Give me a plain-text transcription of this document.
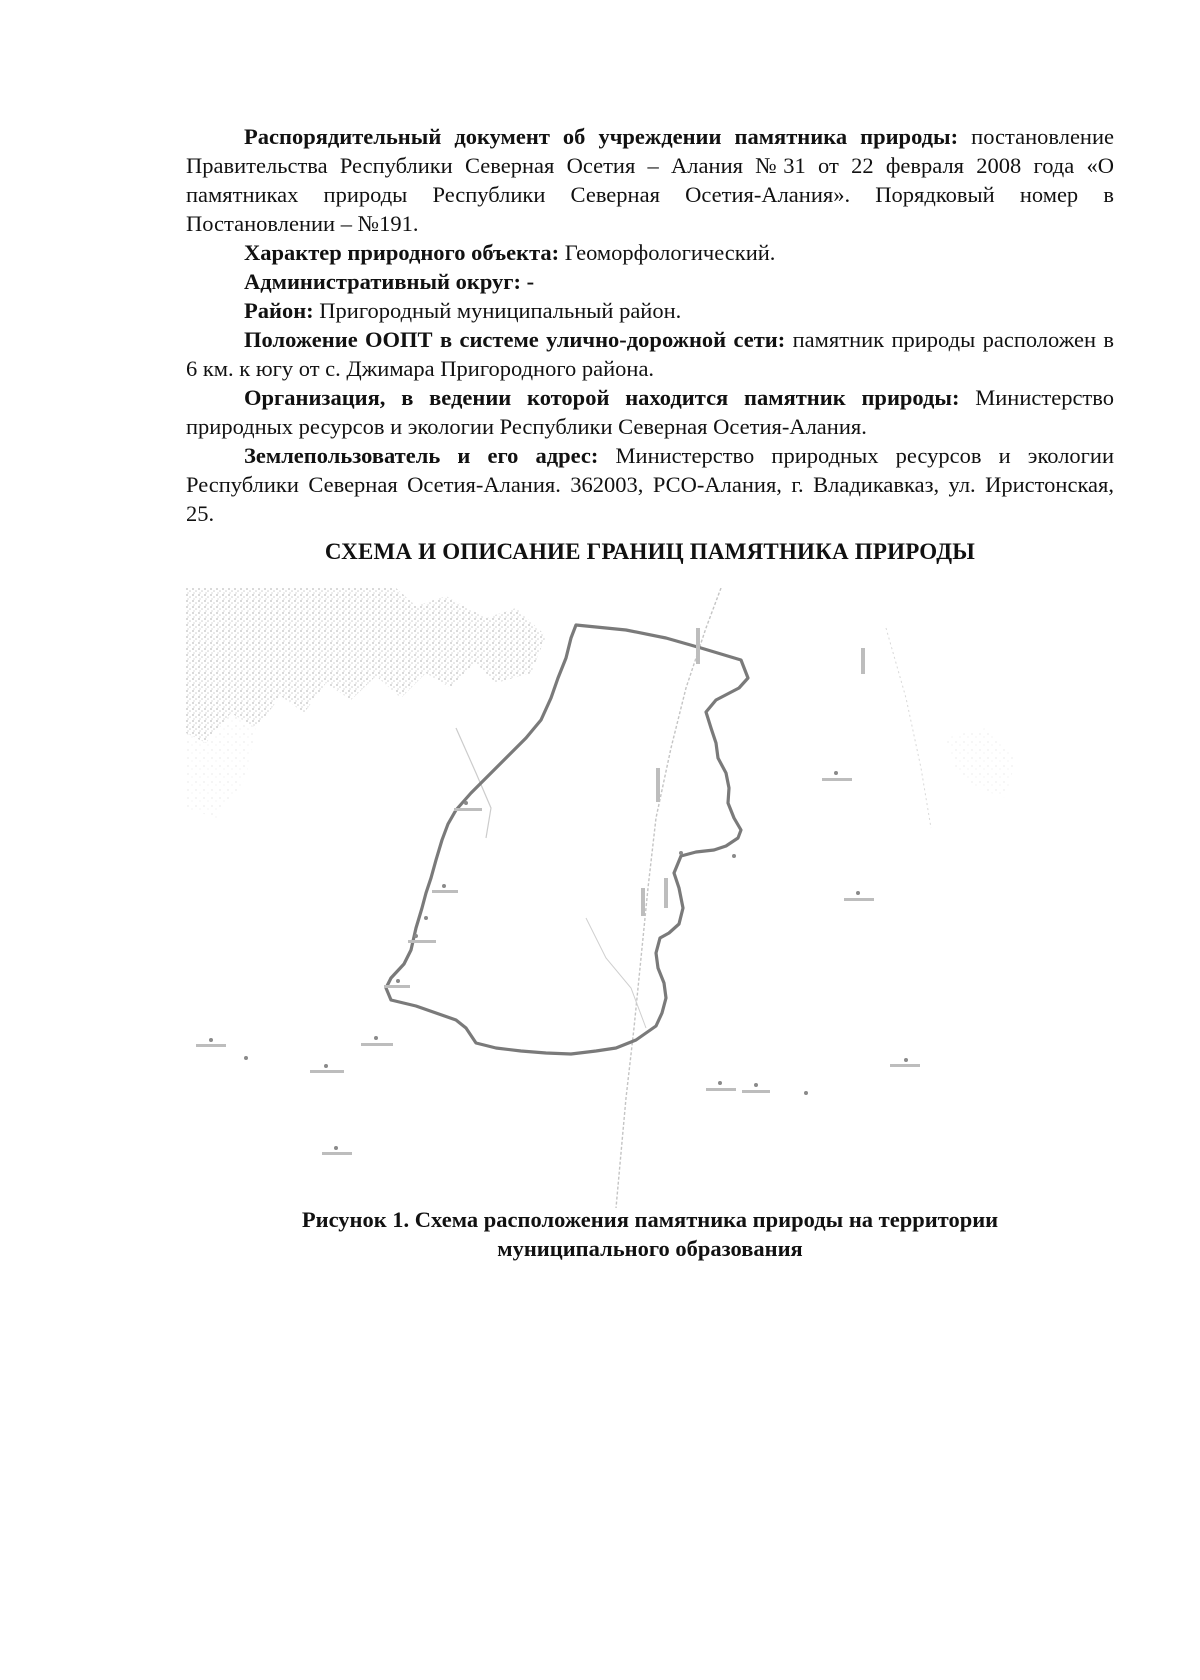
Распорядительный документ об учреждении памятника природы: постановление Правительства Республики Северная Осетия – Алания №31 от 22 февраля 2008 года «О памятниках природы Республики Северная Осетия-Алания». Порядковый номер в Постановлении – №191.

Характер природного объекта: Геоморфологический.

Административный округ: -

Район: Пригородный муниципальный район.

Положение ООПТ в системе улично-дорожной сети: памятник природы расположен в 6 км. к югу от с. Джимара Пригородного района.

Организация, в ведении которой находится памятник природы: Министерство природных ресурсов и экологии Республики Северная Осетия-Алания.

Землепользователь и его адрес: Министерство природных ресурсов и экологии Республики Северная Осетия-Алания. 362003, РСО-Алания, г. Владикавказ, ул. Иристонская, 25.

СХЕМА И ОПИСАНИЕ ГРАНИЦ ПАМЯТНИКА ПРИРОДЫ

Рисунок 1. Схема расположения памятника природы на территории
муниципального образования
